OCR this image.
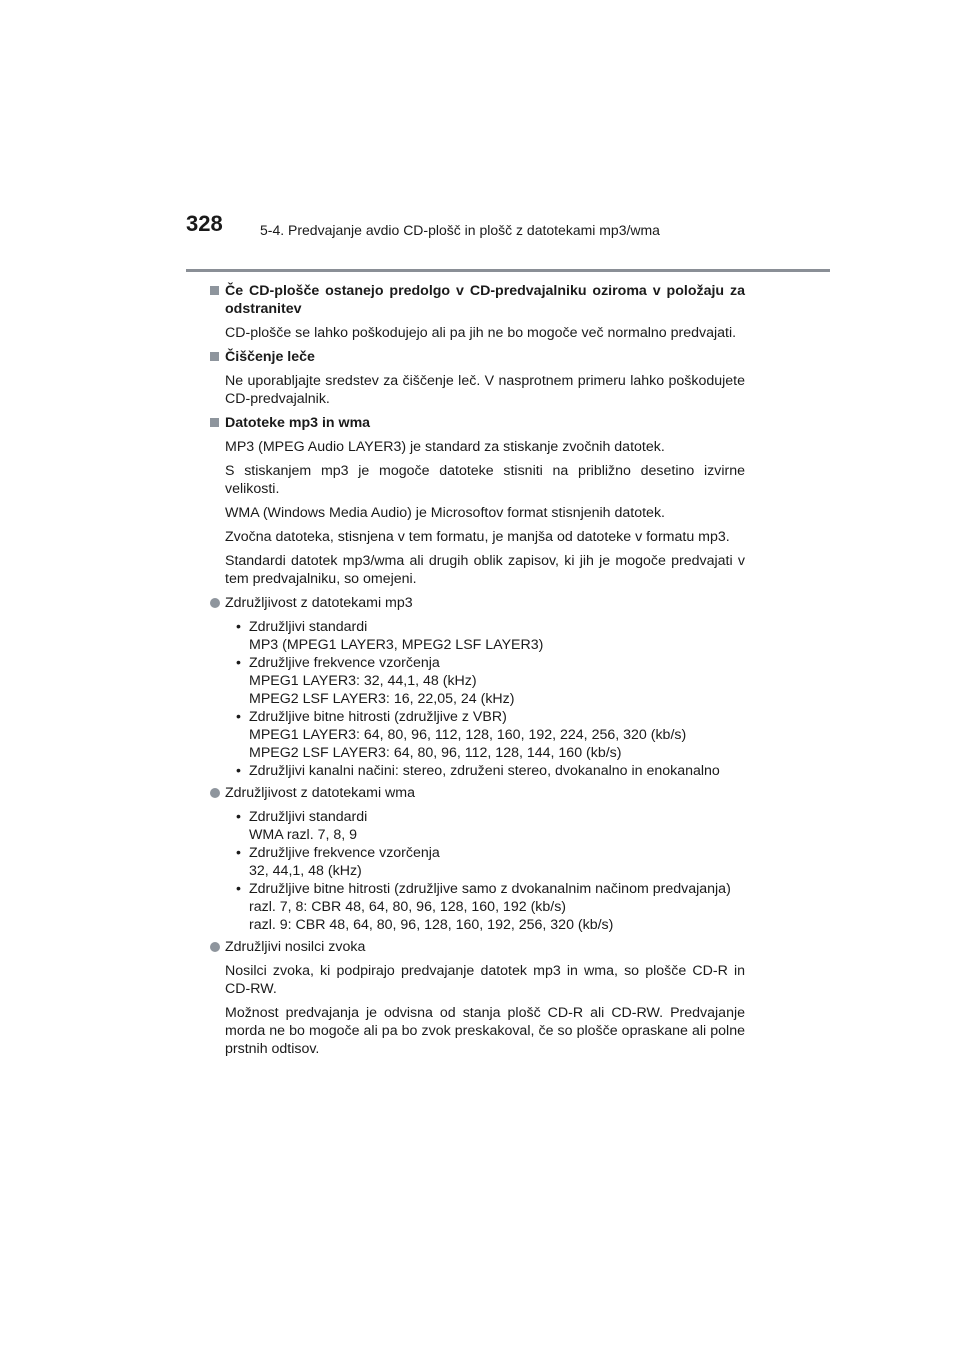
328	5-4. Predvajanje avdio CD-plošč in plošč z datotekami mp3/wma
Če CD-plošče ostanejo predolgo v CD-predvajalniku oziroma v položaju za odstranitev
CD-plošče se lahko poškodujejo ali pa jih ne bo mogoče več normalno predvajati.
Čiščenje leče
Ne uporabljajte sredstev za čiščenje leč. V nasprotnem primeru lahko poškodujete CD-predvajalnik.
Datoteke mp3 in wma
MP3 (MPEG Audio LAYER3) je standard za stiskanje zvočnih datotek.
S stiskanjem mp3 je mogoče datoteke stisniti na približno desetino izvirne velikosti.
WMA (Windows Media Audio) je Microsoftov format stisnjenih datotek.
Zvočna datoteka, stisnjena v tem formatu, je manjša od datoteke v formatu mp3.
Standardi datotek mp3/wma ali drugih oblik zapisov, ki jih je mogoče predvajati v tem predvajalniku, so omejeni.
Združljivost z datotekami mp3
• Združljivi standardi
MP3 (MPEG1 LAYER3, MPEG2 LSF LAYER3)
• Združljive frekvence vzorčenja
MPEG1 LAYER3: 32, 44,1, 48 (kHz)
MPEG2 LSF LAYER3: 16, 22,05, 24 (kHz)
• Združljive bitne hitrosti (združljive z VBR)
MPEG1 LAYER3: 64, 80, 96, 112, 128, 160, 192, 224, 256, 320 (kb/s)
MPEG2 LSF LAYER3: 64, 80, 96, 112, 128, 144, 160 (kb/s)
• Združljivi kanalni načini: stereo, združeni stereo, dvokanalno in enokanalno
Združljivost z datotekami wma
• Združljivi standardi
WMA razl. 7, 8, 9
• Združljive frekvence vzorčenja
32, 44,1, 48 (kHz)
• Združljive bitne hitrosti (združljive samo z dvokanalnim načinom predvajanja)
razl. 7, 8: CBR 48, 64, 80, 96, 128, 160, 192 (kb/s)
razl. 9: CBR 48, 64, 80, 96, 128, 160, 192, 256, 320 (kb/s)
Združljivi nosilci zvoka
Nosilci zvoka, ki podpirajo predvajanje datotek mp3 in wma, so plošče CD-R in CD-RW.
Možnost predvajanja je odvisna od stanja plošč CD-R ali CD-RW. Predvajanje morda ne bo mogoče ali pa bo zvok preskakoval, če so plošče opraskane ali polne prstnih odtisov.
